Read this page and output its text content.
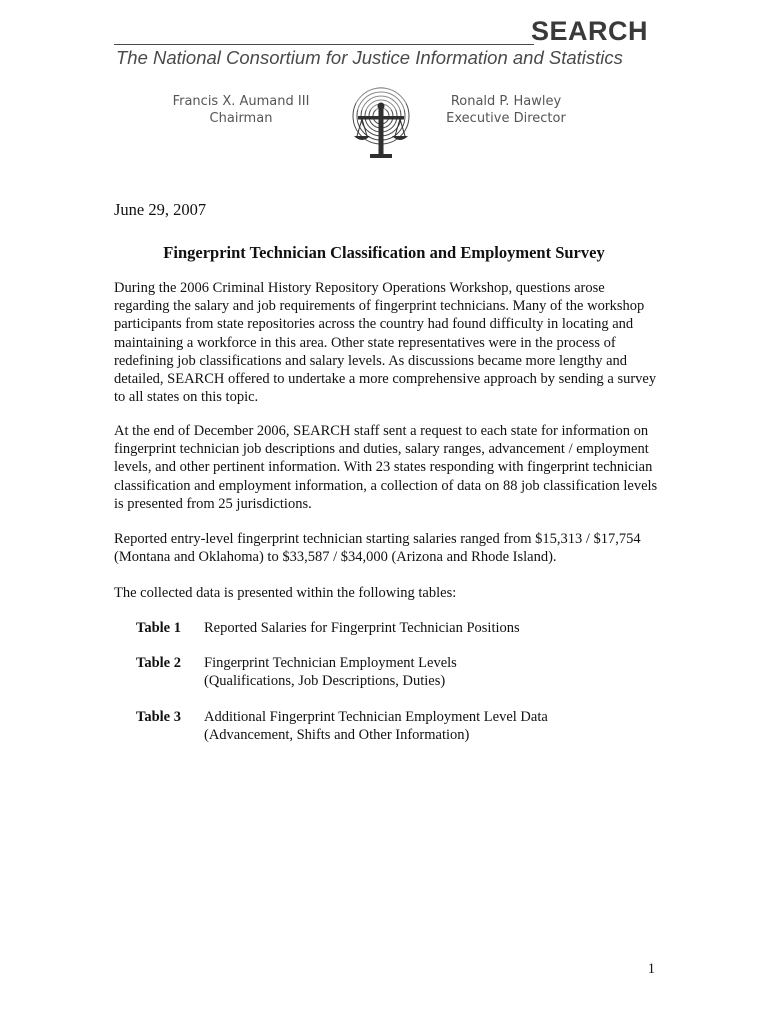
SEARCH
The National Consortium for Justice Information and Statistics
Francis X. Aumand III
Chairman
Ronald P. Hawley
Executive Director
June 29, 2007
Fingerprint Technician Classification and Employment Survey

During the 2006 Criminal History Repository Operations Workshop, questions arose regarding the salary and job requirements of fingerprint technicians. Many of the workshop participants from state repositories across the country had found difficulty in locating and maintaining a workforce in this area. Other state representatives were in the process of redefining job classifications and salary levels. As discussions became more lengthy and detailed, SEARCH offered to undertake a more comprehensive approach by sending a survey to all states on this topic.

At the end of December 2006, SEARCH staff sent a request to each state for information on fingerprint technician job descriptions and duties, salary ranges, advancement / employment levels, and other pertinent information. With 23 states responding with fingerprint technician classification and employment information, a collection of data on 88 job classification levels is presented from 25 jurisdictions.

Reported entry-level fingerprint technician starting salaries ranged from $15,313 / $17,754 (Montana and Oklahoma) to $33,587 / $34,000 (Arizona and Rhode Island).

The collected data is presented within the following tables:

Table 1 Reported Salaries for Fingerprint Technician Positions
Table 2 Fingerprint Technician Employment Levels
(Qualifications, Job Descriptions, Duties)
Table 3 Additional Fingerprint Technician Employment Level Data
(Advancement, Shifts and Other Information)
1
